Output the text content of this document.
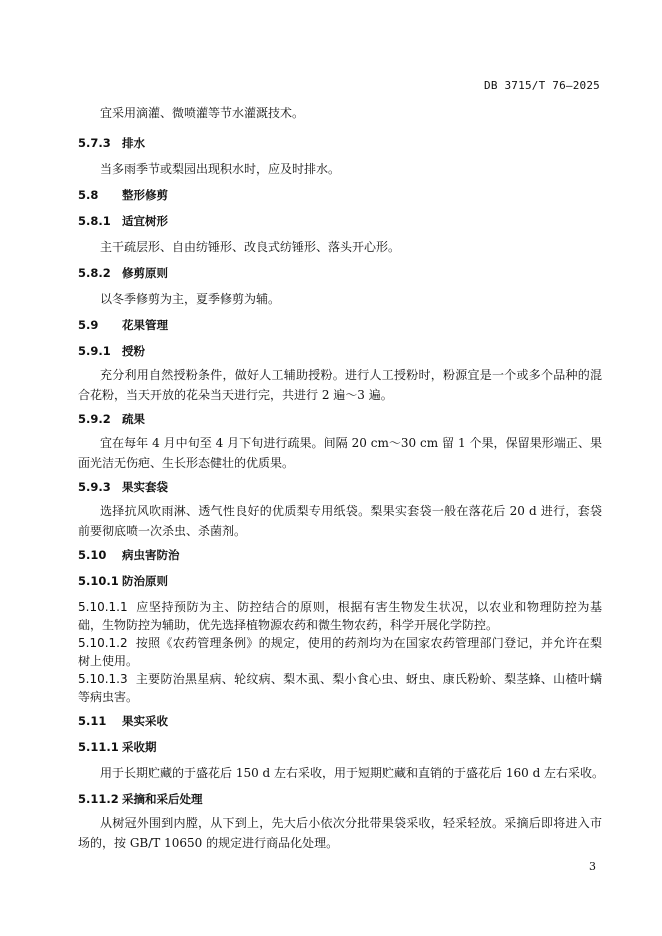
DB 3715/T 76—2025
宜采用滴灌、微喷灌等节水灌溉技术。
5.7.3 排水
当多雨季节或梨园出现积水时，应及时排水。
5.8 整形修剪
5.8.1 适宜树形
主干疏层形、自由纺锤形、改良式纺锤形、落头开心形。
5.8.2 修剪原则
以冬季修剪为主，夏季修剪为辅。
5.9 花果管理
5.9.1 授粉
充分利用自然授粉条件，做好人工辅助授粉。进行人工授粉时，粉源宜是一个或多个品种的混合花粉，当天开放的花朵当天进行完，共进行 2 遍～3 遍。
5.9.2 疏果
宜在每年 4 月中旬至 4 月下旬进行疏果。间隔 20 cm～30 cm 留 1 个果，保留果形端正、果面光洁无伤疤、生长形态健壮的优质果。
5.9.3 果实套袋
选择抗风吹雨淋、透气性良好的优质梨专用纸袋。梨果实套袋一般在落花后 20 d 进行，套袋前要彻底喷一次杀虫、杀菌剂。
5.10 病虫害防治
5.10.1 防治原则
5.10.1.1 应坚持预防为主、防控结合的原则，根据有害生物发生状况，以农业和物理防控为基础，生物防控为辅助，优先选择植物源农药和微生物农药，科学开展化学防控。
5.10.1.2 按照《农药管理条例》的规定，使用的药剂均为在国家农药管理部门登记，并允许在梨树上使用。
5.10.1.3 主要防治黑星病、轮纹病、梨木虱、梨小食心虫、蚜虫、康氏粉蚧、梨茎蜂、山楂叶螨等病虫害。
5.11 果实采收
5.11.1 采收期
用于长期贮藏的于盛花后 150 d 左右采收，用于短期贮藏和直销的于盛花后 160 d 左右采收。
5.11.2 采摘和采后处理
从树冠外围到内膛，从下到上，先大后小依次分批带果袋采收，轻采轻放。采摘后即将进入市场的，按 GB/T 10650 的规定进行商品化处理。
3
